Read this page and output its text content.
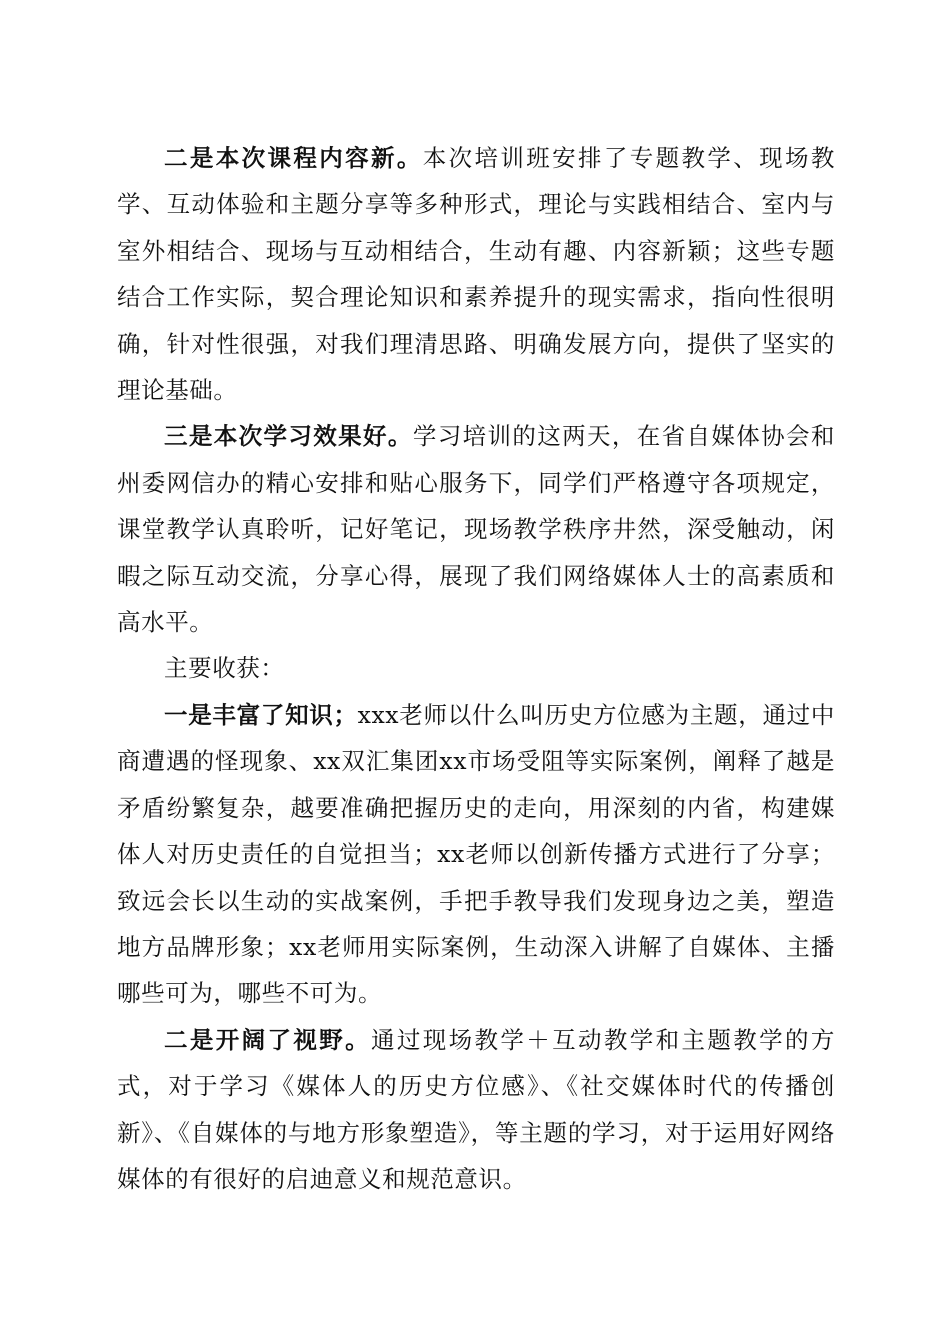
二是本次课程内容新。本次培训班安排了专题教学、现场教学、互动体验和主题分享等多种形式，理论与实践相结合、室内与室外相结合、现场与互动相结合，生动有趣、内容新颖；这些专题结合工作实际，契合理论知识和素养提升的现实需求，指向性很明确，针对性很强，对我们理清思路、明确发展方向，提供了坚实的理论基础。

三是本次学习效果好。学习培训的这两天，在省自媒体协会和州委网信办的精心安排和贴心服务下，同学们严格遵守各项规定，课堂教学认真聆听，记好笔记，现场教学秩序井然，深受触动，闲暇之际互动交流，分享心得，展现了我们网络媒体人士的高素质和高水平。

主要收获：

一是丰富了知识；xxx老师以什么叫历史方位感为主题，通过中商遭遇的怪现象、xx双汇集团xx市场受阻等实际案例，阐释了越是矛盾纷繁复杂，越要准确把握历史的走向，用深刻的内省，构建媒体人对历史责任的自觉担当；xx老师以创新传播方式进行了分享；致远会长以生动的实战案例，手把手教导我们发现身边之美，塑造地方品牌形象；xx老师用实际案例，生动深入讲解了自媒体、主播哪些可为，哪些不可为。

二是开阔了视野。通过现场教学＋互动教学和主题教学的方式，对于学习《媒体人的历史方位感》、《社交媒体时代的传播创新》、《自媒体的与地方形象塑造》，等主题的学习，对于运用好网络媒体的有很好的启迪意义和规范意识。
